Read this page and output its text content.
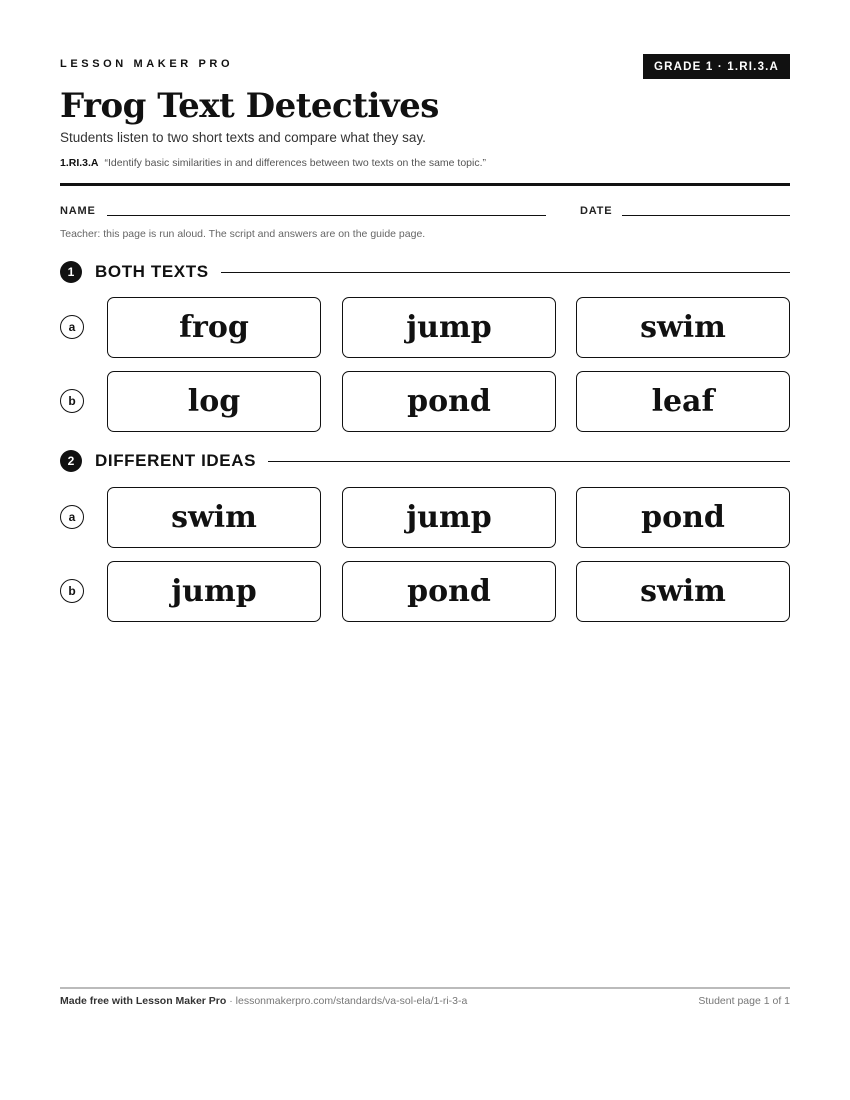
LESSON MAKER PRO	GRADE 1 · 1.RI.3.A
Frog Text Detectives
Students listen to two short texts and compare what they say.
1.RI.3.A “Identify basic similarities in and differences between two texts on the same topic.”
NAME	DATE
Teacher: this page is run aloud. The script and answers are on the guide page.
1	BOTH TEXTS
a	frog	jump	swim
b	log	pond	leaf
2	DIFFERENT IDEAS
a	swim	jump	pond
b	jump	pond	swim
Made free with Lesson Maker Pro · lessonmakerpro.com/standards/va-sol-ela/1-ri-3-a	Student page 1 of 1
